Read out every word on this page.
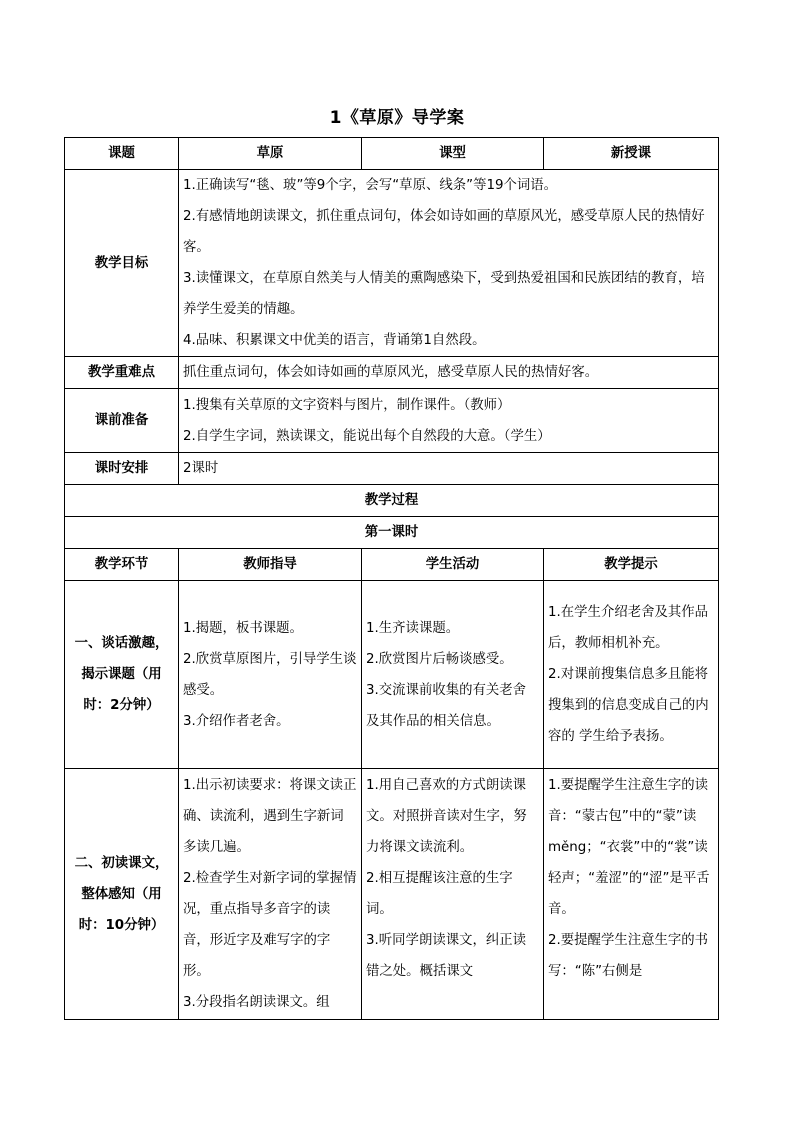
1《草原》导学案
课题	草原	课型	新授课
教学目标	1.正确读写“毯、玻”等9个字，会写“草原、线条”等19个词语。
2.有感情地朗读课文，抓住重点词句，体会如诗如画的草原风光，感受草原人民的热情好客。
3.读懂课文，在草原自然美与人情美的熏陶感染下，受到热爱祖国和民族团结的教育，培养学生爱美的情趣。
4.品味、积累课文中优美的语言，背诵第1自然段。		

教学重难点	抓住重点词句，体会如诗如画的草原风光，感受草原人民的热情好客。		
课前准备	1.搜集有关草原的文字资料与图片，制作课件。（教师）
2.自学生字词，熟读课文，能说出每个自然段的大意。（学生）		

课时安排	2课时		
教学过程			
第一课时			
教学环节	教师指导	学生活动	教学提示
一、谈话激趣，揭示课题（用时：2分钟）	1.揭题，板书课题。
2.欣赏草原图片，引导学生谈感受。
3.介绍作者老舍。	1.生齐读课题。
2.欣赏图片后畅谈感受。
3.交流课前收集的有关老舍及其作品的相关信息。	1.在学生介绍老舍及其作品后，教师相机补充。
2.对课前搜集信息多且能将搜集到的信息变成自己的内容的 学生给予表扬。

二、初读课文，整体感知（用时：10分钟）	1.出示初读要求：将课文读正确、读流利，遇到生字新词多读几遍。
2.检查学生对新字词的掌握情况，重点指导多音字的读音，形近字及难写字的字形。
3.分段指名朗读课文。组	1.用自己喜欢的方式朗读课文。对照拼音读对生字，努力将课文读流利。
2.相互提醒该注意的生字词。
3.听同学朗读课文，纠正读错之处。概括课文	1.要提醒学生注意生字的读音：“蒙古包”中的“蒙”读měng；“衣裳”中的“裳”读轻声；“羞涩”的“涩”是平舌音。
2.要提醒学生注意生字的书写：“陈”右侧是
